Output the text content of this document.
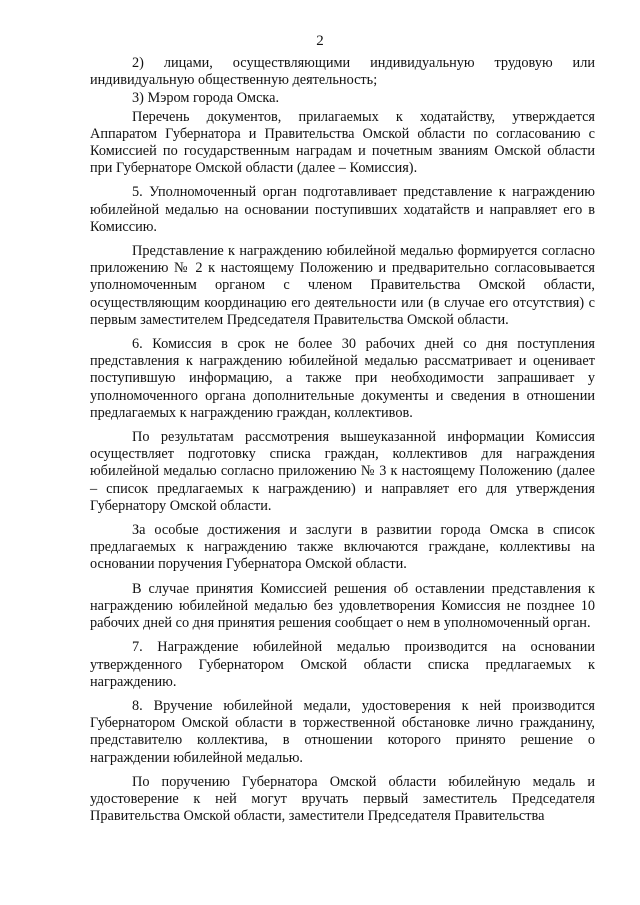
2

2) лицами, осуществляющими индивидуальную трудовую или индивидуальную общественную деятельность;

3) Мэром города Омска.

Перечень документов, прилагаемых к ходатайству, утверждается Аппаратом Губернатора и Правительства Омской области по согласованию с Комиссией по государственным наградам и почетным званиям Омской области при Губернаторе Омской области (далее – Комиссия).

5. Уполномоченный орган подготавливает представление к награждению юбилейной медалью на основании поступивших ходатайств и направляет его в Комиссию.

Представление к награждению юбилейной медалью формируется согласно приложению № 2 к настоящему Положению и предварительно согласовывается уполномоченным органом с членом Правительства Омской области, осуществляющим координацию его деятельности или (в случае его отсутствия) с первым заместителем Председателя Правительства Омской области.

6. Комиссия в срок не более 30 рабочих дней со дня поступления представления к награждению юбилейной медалью рассматривает и оценивает поступившую информацию, а также при необходимости запрашивает у уполномоченного органа дополнительные документы и сведения в отношении предлагаемых к награждению граждан, коллективов.

По результатам рассмотрения вышеуказанной информации Комиссия осуществляет подготовку списка граждан, коллективов для награждения юбилейной медалью согласно приложению № 3 к настоящему Положению (далее – список предлагаемых к награждению) и направляет его для утверждения Губернатору Омской области.

За особые достижения и заслуги в развитии города Омска в список предлагаемых к награждению также включаются граждане, коллективы на основании поручения Губернатора Омской области.

В случае принятия Комиссией решения об оставлении представления к награждению юбилейной медалью без удовлетворения Комиссия не позднее 10 рабочих дней со дня принятия решения сообщает о нем в уполномоченный орган.

7. Награждение юбилейной медалью производится на основании утвержденного Губернатором Омской области списка предлагаемых к награждению.

8. Вручение юбилейной медали, удостоверения к ней производится Губернатором Омской области в торжественной обстановке лично гражданину, представителю коллектива, в отношении которого принято решение о награждении юбилейной медалью.

По поручению Губернатора Омской области юбилейную медаль и удостоверение к ней могут вручать первый заместитель Председателя Правительства Омской области, заместители Председателя Правительства
